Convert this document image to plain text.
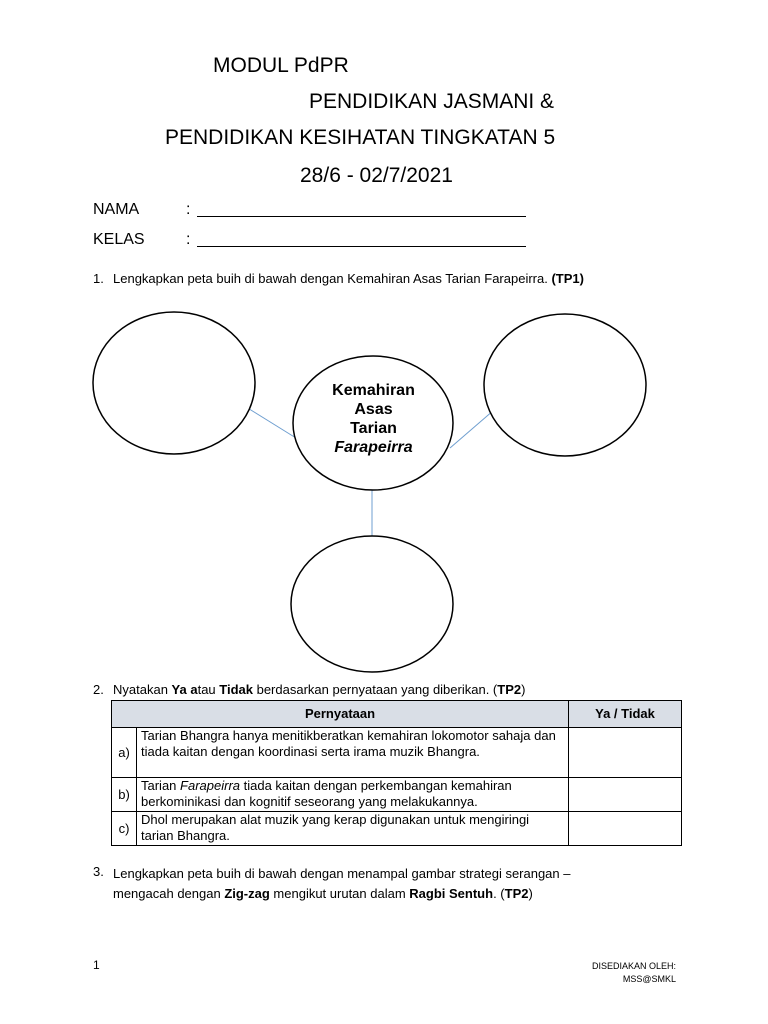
MODUL PdPR
PENDIDIKAN JASMANI &
PENDIDIKAN KESIHATAN TINGKATAN 5
28/6 - 02/7/2021
NAMA	:
KELAS	:
1. Lengkapkan peta buih di bawah dengan Kemahiran Asas Tarian Farapeirra. (TP1)
Kemahiran
Asas
Tarian
Farapeirra
2. Nyatakan Ya atau Tidak berdasarkan pernyataan yang diberikan. (TP2)
Pernyataan		Ya / Tidak
a)	Tarian Bhangra hanya menitikberatkan kemahiran lokomotor sahaja dan tiada kaitan dengan koordinasi serta irama muzik Bhangra.	
b)	Tarian Farapeirra tiada kaitan dengan perkembangan kemahiran berkominikasi dan kognitif seseorang yang melakukannya.	
c)	Dhol merupakan alat muzik yang kerap digunakan untuk mengiringi tarian Bhangra.	
3. Lengkapkan peta buih di bawah dengan menampal gambar strategi serangan –
mengacah dengan Zig-zag mengikut urutan dalam Ragbi Sentuh. (TP2)
1	DISEDIAKAN OLEH:
MSS@SMKL
